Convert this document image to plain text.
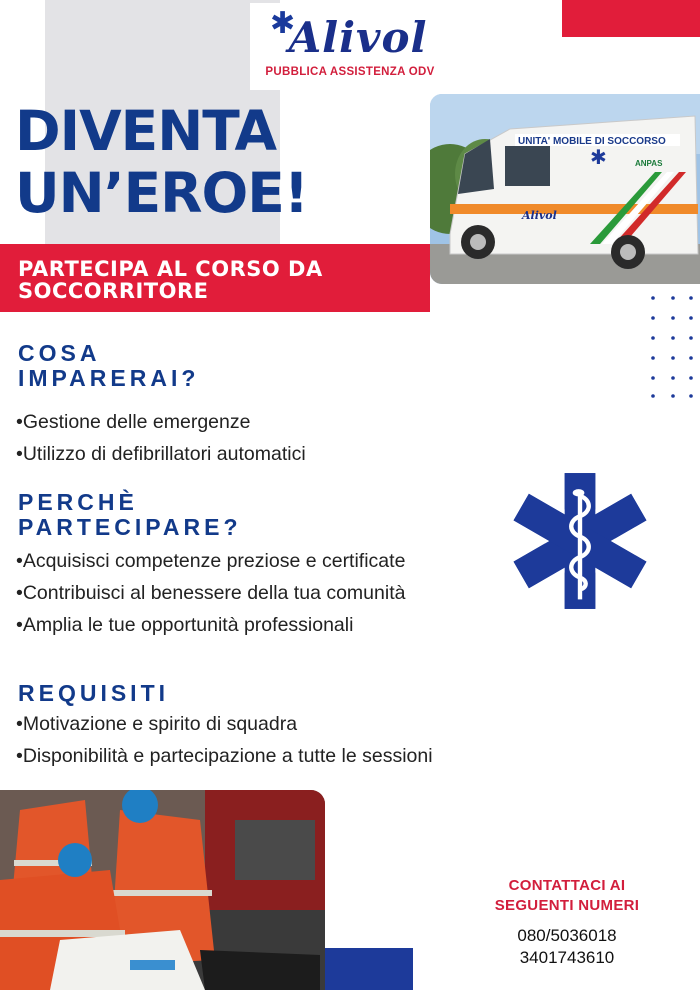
✱
Alivol
PUBBLICA ASSISTENZA ODV
DIVENTA
UN’EROE!
UNITA' MOBILE DI SOCCORSO
ANPAS
Alivol
✱

PARTECIPA AL CORSO DA
SOCCORRITORE

COSA
IMPARERAI?
•Gestione delle emergenze
•Utilizzo di defibrillatori automatici
PERCHÈ
PARTECIPARE?
•Acquisisci competenze preziose e certificate
•Contribuisci al benessere della tua comunità
•Amplia le tue opportunità professionali
REQUISITI
•Motivazione e spirito di squadra
•Disponibilità e partecipazione a tutte le sessioni
CONTATTACI AI
SEGUENTI NUMERI
080/5036018
3401743610
